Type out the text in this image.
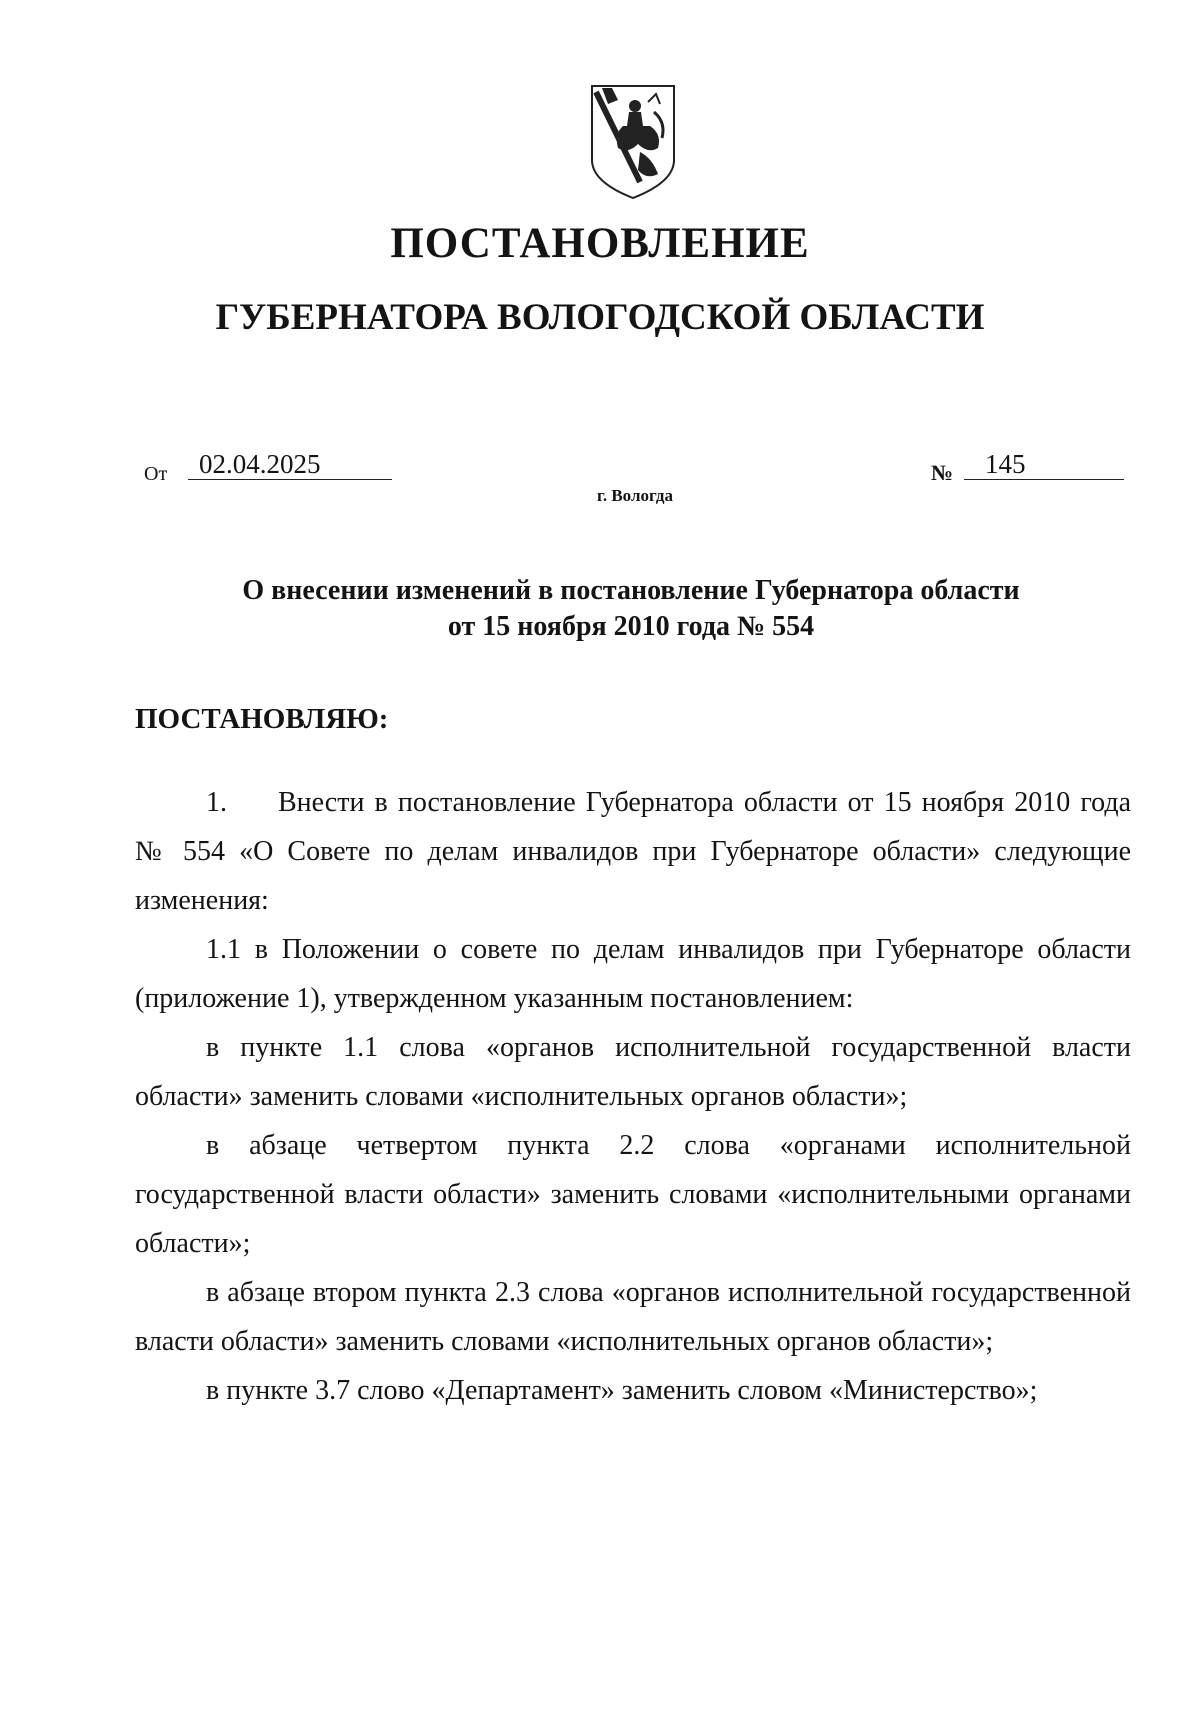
ПОСТАНОВЛЕНИЕ
ГУБЕРНАТОРА ВОЛОГОДСКОЙ ОБЛАСТИ
От 02.04.2025	№ 145
г. Вологда
О внесении изменений в постановление Губернатора области
от 15 ноября 2010 года № 554
ПОСТАНОВЛЯЮ:

1. Внести в постановление Губернатора области от 15 ноября 2010 года № 554 «О Совете по делам инвалидов при Губернаторе области» следующие изменения:

1.1 в Положении о совете по делам инвалидов при Губернаторе области (приложение 1), утвержденном указанным постановлением:

в пункте 1.1 слова «органов исполнительной государственной власти области» заменить словами «исполнительных органов области»;

в абзаце четвертом пункта 2.2 слова «органами исполнительной государственной власти области» заменить словами «исполнительными органами области»;

в абзаце втором пункта 2.3 слова «органов исполнительной государственной власти области» заменить словами «исполнительных органов области»;

в пункте 3.7 слово «Департамент» заменить словом «Министерство»;
